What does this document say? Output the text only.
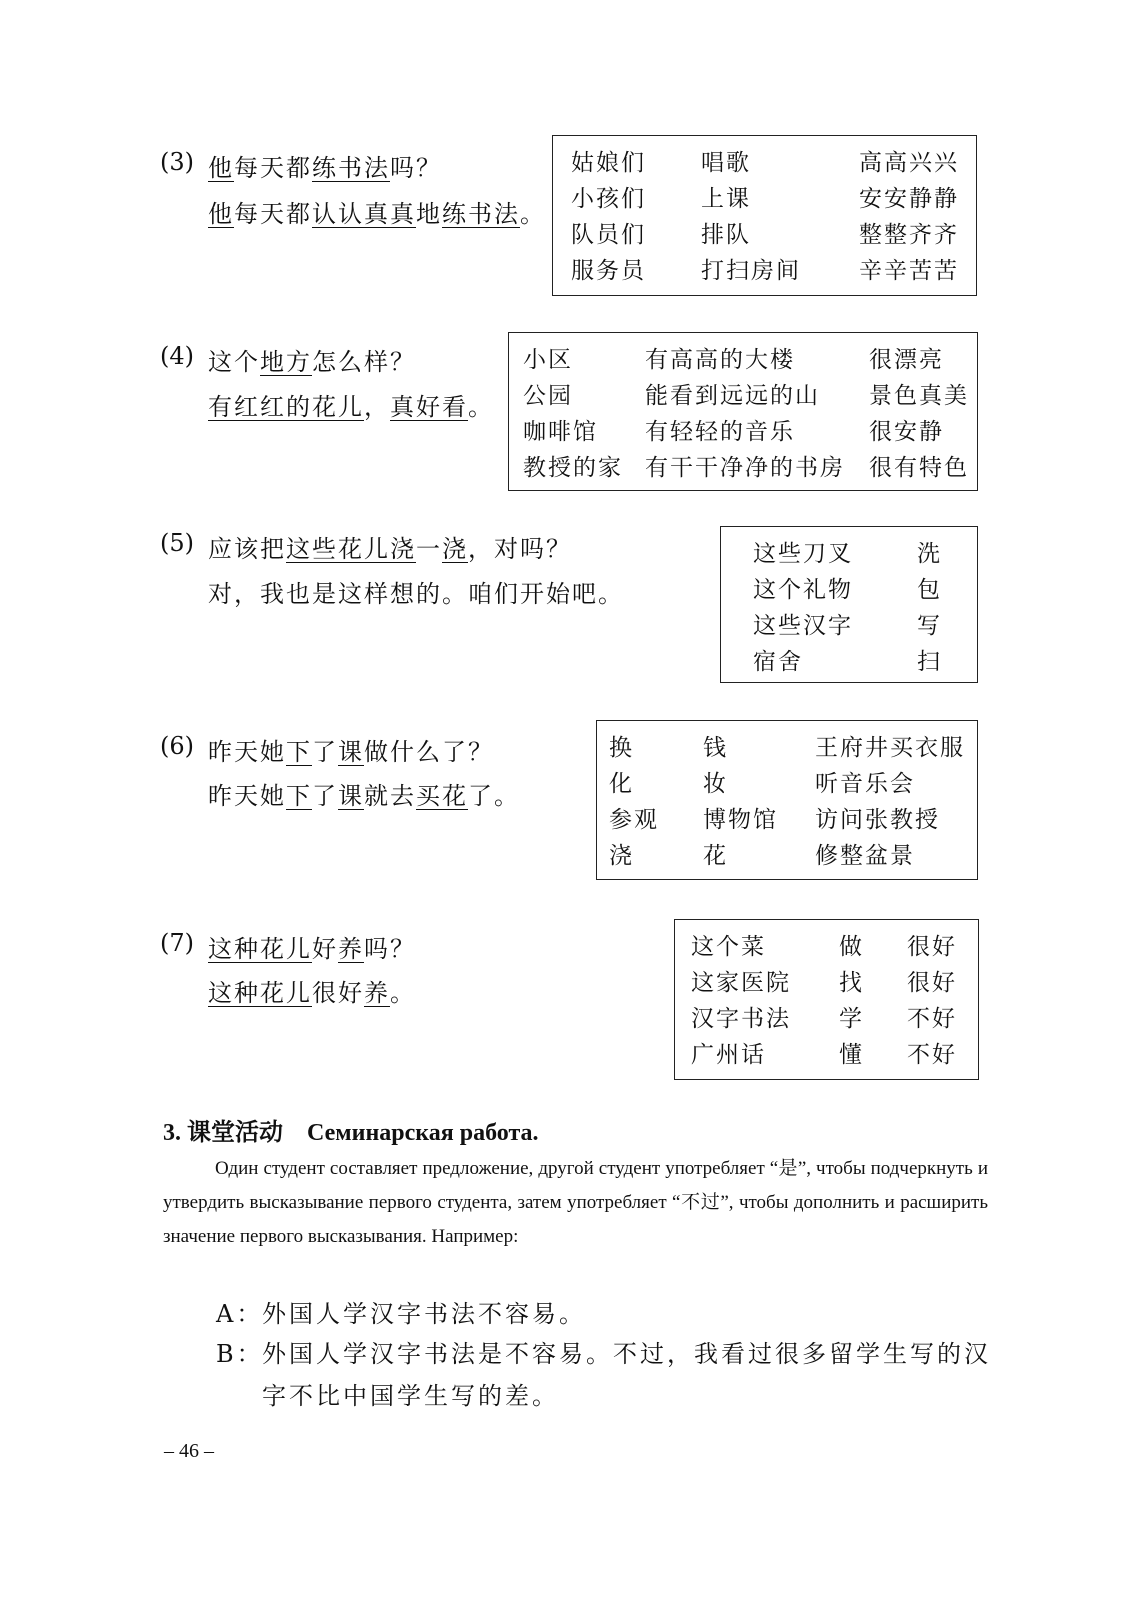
(3) 他每天都练书法吗？
他每天都认认真真地练书法。
姑娘们 唱歌	高高兴兴
小孩们 上课	安安静静
队员们 排队	整整齐齐
服务员 打扫房间	辛辛苦苦
(4) 这个地方怎么样？
有红红的花儿，真好看。
小区	有高高的大楼	很漂亮
公园	能看到远远的山 景色真美
咖啡馆 有轻轻的音乐	很安静
教授的家 有干干净净的书房 很有特色
(5) 应该把这些花儿浇一浇，对吗？
对，我也是这样想的。咱们开始吧。
这些刀叉	洗
这个礼物	包
这些汉字	写
宿舍	扫
(6) 昨天她下了课做什么了？
昨天她下了课就去买花了。
换	钱	王府井买衣服
化	妆	听音乐会
参观 博物馆 访问张教授
浇	花	修整盆景
(7) 这种花儿好养吗？
这种花儿很好养。
这个菜	做 很好
这家医院 找 很好
汉字书法 学 不好
广州话	懂 不好
3. 课堂活动　Семинарская работа.
Один студент составляет предложение, другой студент употребляет “是”, чтобы подчеркнуть и утвердить высказывание первого студента, затем употребляет “不过”, чтобы дополнить и расширить значение первого высказывания. Например:
A：
外国人学汉字书法不容易。
B：
外国人学汉字书法是不容易。不过，我看过很多留学生写的汉
字不比中国学生写的差。
– 46 –
